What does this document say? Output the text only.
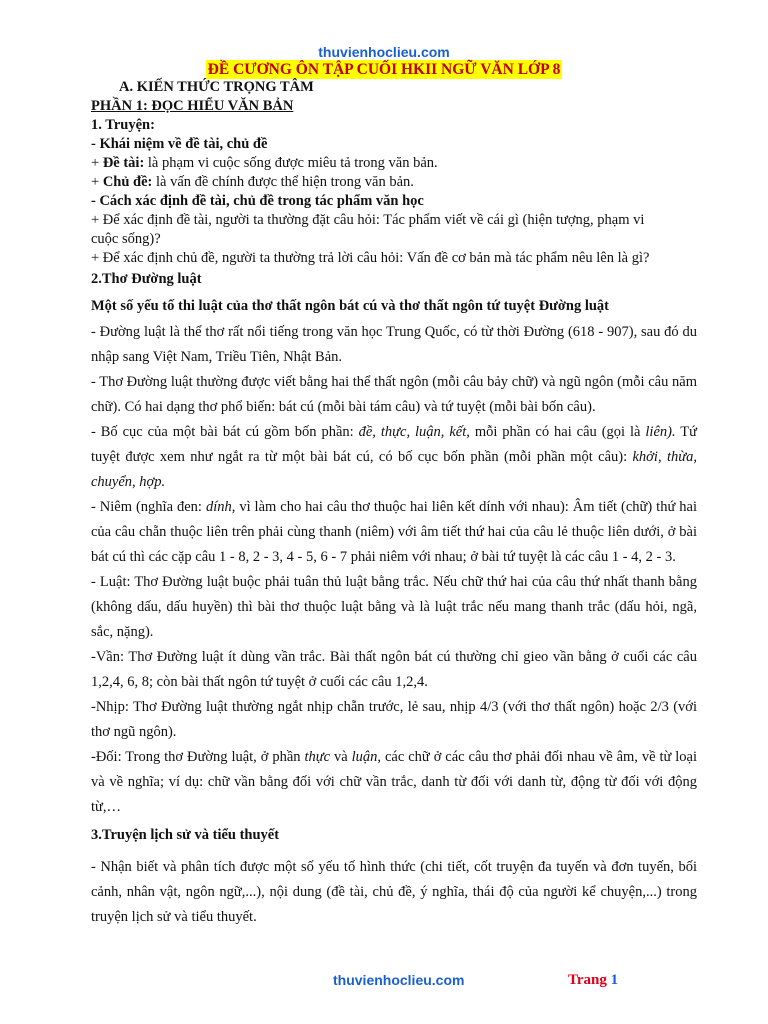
thuvienhoclieu.com
ĐỀ CƯƠNG ÔN TẬP CUỐI HKII NGỮ VĂN LỚP 8
A. KIẾN THỨC TRỌNG TÂM
PHẦN 1: ĐỌC HIỂU VĂN BẢN
1. Truyện:
- Khái niệm về đề tài, chủ đề
+ Đề tài: là phạm vi cuộc sống được miêu tả trong văn bản.
+ Chủ đề: là vấn đề chính được thể hiện trong văn bản.
- Cách xác định đề tài, chủ đề trong tác phẩm văn học
+ Để xác định đề tài, người ta thường đặt câu hỏi: Tác phẩm viết về cái gì (hiện tượng, phạm vi
cuộc sống)?
+ Để xác định chủ đề, người ta thường trả lời câu hỏi: Vấn đề cơ bản mà tác phẩm nêu lên là gì?
2.Thơ Đường luật
Một số yếu tố thi luật của thơ thất ngôn bát cú và thơ thất ngôn tứ tuyệt Đường luật

- Đường luật là thể thơ rất nổi tiếng trong văn học Trung Quốc, có từ thời Đường (618 - 907), sau đó du nhập sang Việt Nam, Triều Tiên, Nhật Bản.

- Thơ Đường luật thường được viết bằng hai thể thất ngôn (mỗi câu bảy chữ) và ngũ ngôn (mỗi câu năm chữ). Có hai dạng thơ phổ biến: bát cú (mỗi bài tám câu) và tứ tuyệt (mỗi bài bốn câu).

- Bố cục của một bài bát cú gồm bốn phần: đề, thực, luận, kết, mỗi phần có hai câu (gọi là liên). Tứ tuyệt được xem như ngắt ra từ một bài bát cú, có bố cục bốn phần (mỗi phần một câu): khởi, thừa, chuyển, hợp.

- Niêm (nghĩa đen: dính, vì làm cho hai câu thơ thuộc hai liên kết dính với nhau): Âm tiết (chữ) thứ hai của câu chẵn thuộc liên trên phải cùng thanh (niêm) với âm tiết thứ hai của câu lẻ thuộc liên dưới, ở bài bát cú thì các cặp câu 1 - 8, 2 - 3, 4 - 5, 6 - 7 phải niêm với nhau; ở bài tứ tuyệt là các câu 1 - 4, 2 - 3.

- Luật: Thơ Đường luật buộc phải tuân thủ luật bằng trắc. Nếu chữ thứ hai của câu thứ nhất thanh bằng (không dấu, dấu huyền) thì bài thơ thuộc luật bằng và là luật trắc nếu mang thanh trắc (dấu hỏi, ngã, sắc, nặng).

-Vần: Thơ Đường luật ít dùng vần trắc. Bài thất ngôn bát cú thường chỉ gieo vần bằng ở cuối các câu 1,2,4, 6, 8; còn bài thất ngôn tứ tuyệt ở cuối các câu 1,2,4.

-Nhịp: Thơ Đường luật thường ngắt nhịp chẵn trước, lẻ sau, nhịp 4/3 (với thơ thất ngôn) hoặc 2/3 (với thơ ngũ ngôn).

-Đối: Trong thơ Đường luật, ở phần thực và luận, các chữ ở các câu thơ phải đối nhau về âm, về từ loại và về nghĩa; ví dụ: chữ vần bằng đối với chữ vần trắc, danh từ đối với danh từ, động từ đối với động từ,…

3.Truyện lịch sử và tiểu thuyết

- Nhận biết và phân tích được một số yếu tố hình thức (chi tiết, cốt truyện đa tuyến và đơn tuyến, bối cảnh, nhân vật, ngôn ngữ,...), nội dung (đề tài, chủ đề, ý nghĩa, thái độ của người kể chuyện,...) trong truyện lịch sử và tiểu thuyết.

thuvienhoclieu.com	Trang 1
